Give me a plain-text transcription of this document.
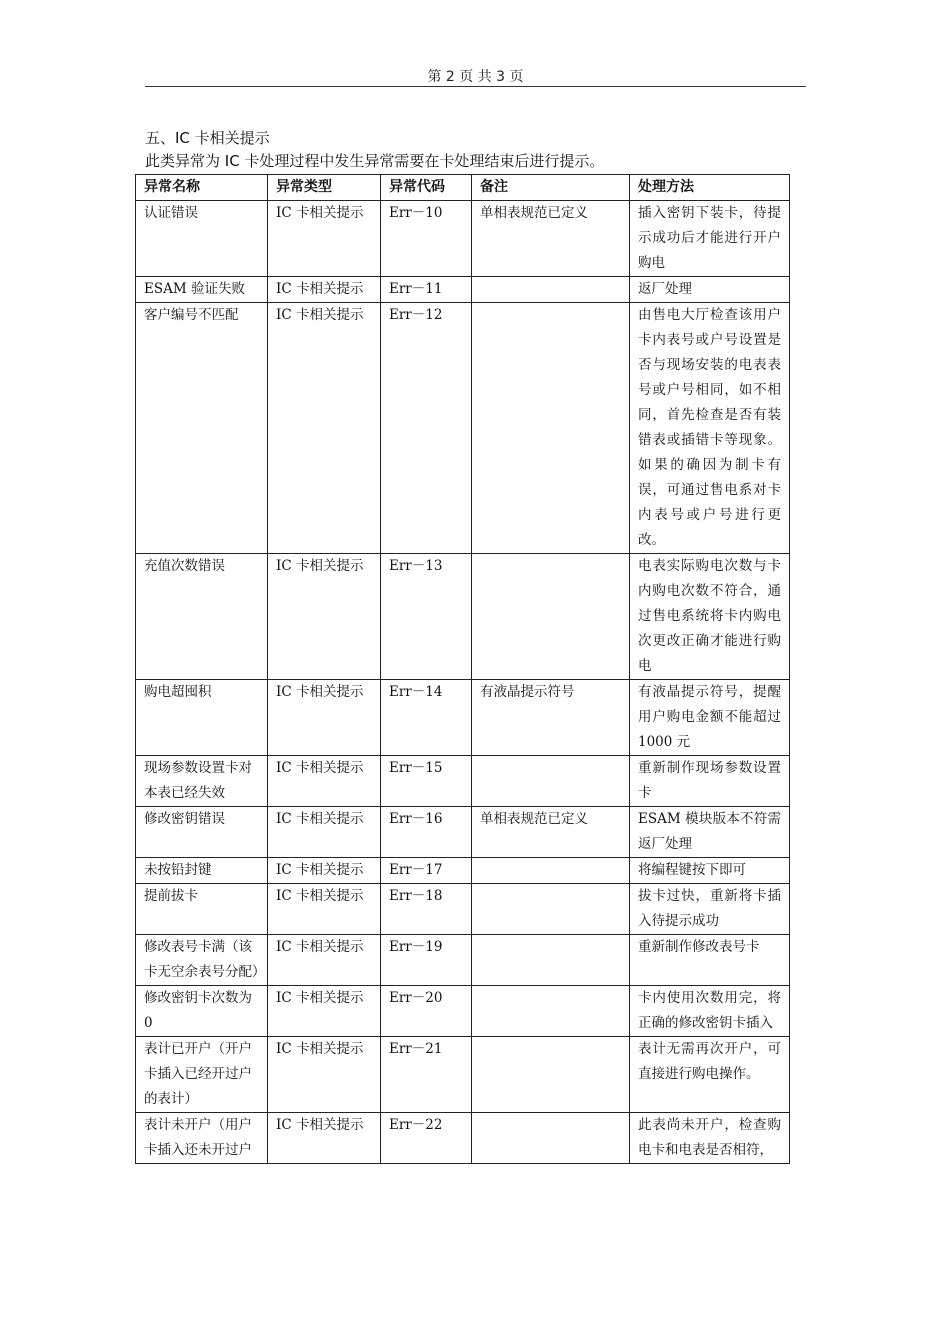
第 2 页 共 3 页
五、IC 卡相关提示
此类异常为 IC 卡处理过程中发生异常需要在卡处理结束后进行提示。
异常名称	异常类型	异常代码	备注	处理方法
认证错误	IC 卡相关提示	Err－10	单相表规范已定义	插入密钥下装卡，待提示成功后才能进行开户购电
ESAM 验证失败	IC 卡相关提示	Err－11		返厂处理
客户编号不匹配	IC 卡相关提示	Err－12		由售电大厅检查该用户卡内表号或户号设置是否与现场安装的电表表号或户号相同，如不相同，首先检查是否有装错表或插错卡等现象。如果的确因为制卡有误，可通过售电系对卡内表号或户号进行更改。
充值次数错误	IC 卡相关提示	Err－13		电表实际购电次数与卡内购电次数不符合，通过售电系统将卡内购电次更改正确才能进行购电
购电超囤积	IC 卡相关提示	Err－14	有液晶提示符号	有液晶提示符号，提醒用户购电金额不能超过 1000 元
现场参数设置卡对本表已经失效	IC 卡相关提示	Err－15		重新制作现场参数设置卡
修改密钥错误	IC 卡相关提示	Err－16	单相表规范已定义	ESAM 模块版本不符需返厂处理
未按铅封键	IC 卡相关提示	Err－17		将编程键按下即可
提前拔卡	IC 卡相关提示	Err－18		拔卡过快，重新将卡插入待提示成功
修改表号卡满（该卡无空余表号分配）	IC 卡相关提示	Err－19		重新制作修改表号卡
修改密钥卡次数为 0	IC 卡相关提示	Err－20		卡内使用次数用完，将正确的修改密钥卡插入
表计已开户（开户卡插入已经开过户的表计）	IC 卡相关提示	Err－21		表计无需再次开户，可直接进行购电操作。
表计未开户（用户卡插入还未开过户	IC 卡相关提示	Err－22		此表尚未开户，检查购电卡和电表是否相符，
